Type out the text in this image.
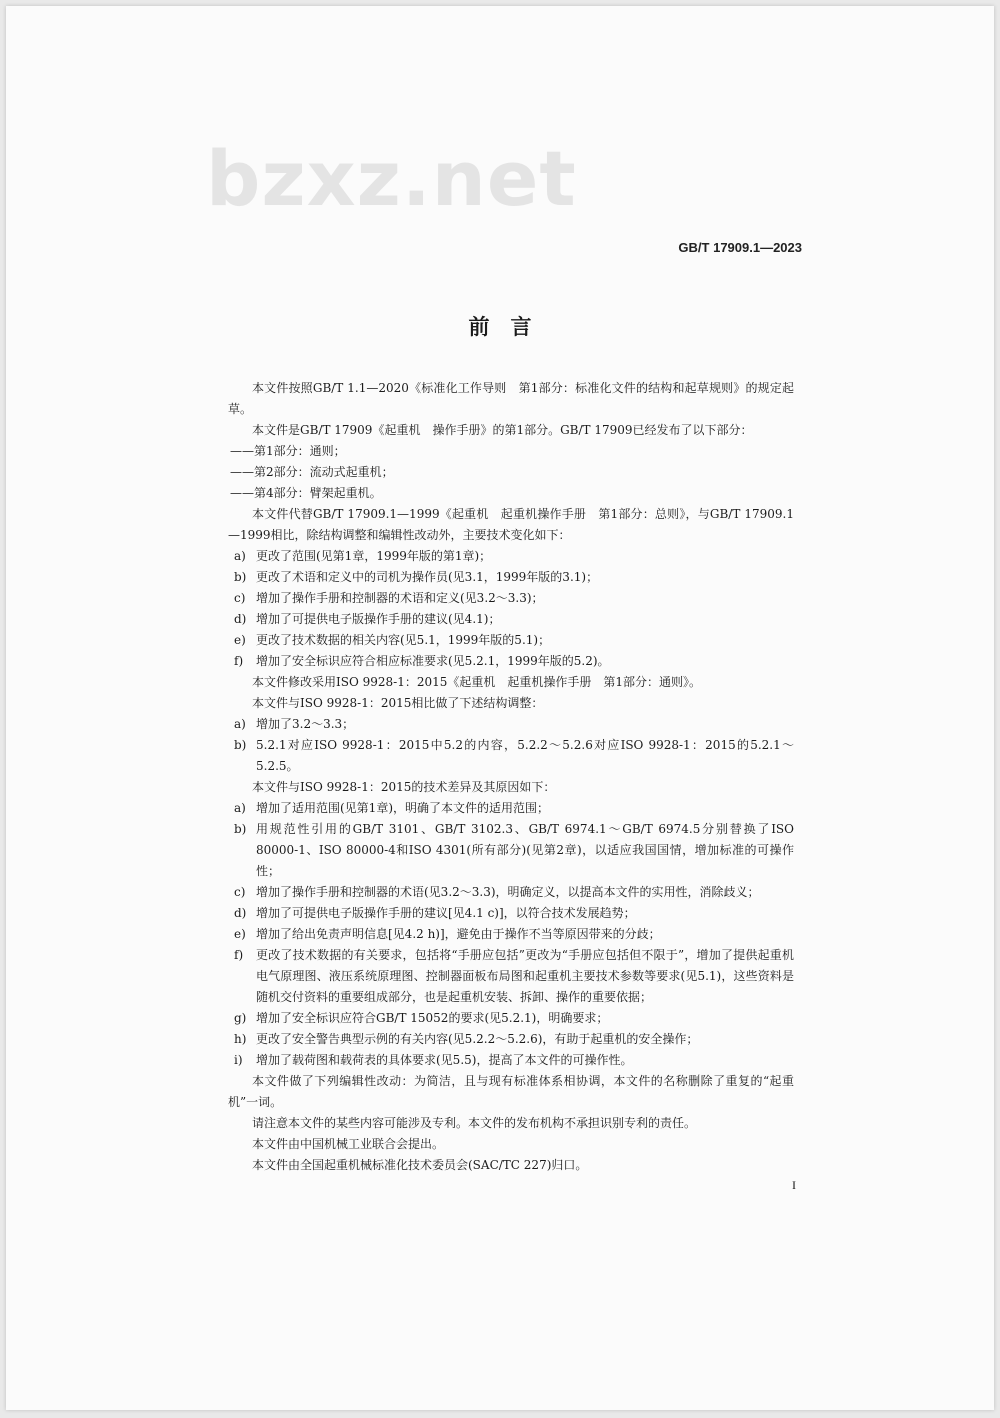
bzxz.net
GB/T 17909.1—2023
前　言

本文件按照GB/T 1.1—2020《标准化工作导则　第1部分：标准化文件的结构和起草规则》的规定起草。

本文件是GB/T 17909《起重机　操作手册》的第1部分。GB/T 17909已经发布了以下部分：

——第1部分：通则；

——第2部分：流动式起重机；

——第4部分：臂架起重机。

本文件代替GB/T 17909.1—1999《起重机　起重机操作手册　第1部分：总则》，与GB/T 17909.1—1999相比，除结构调整和编辑性改动外，主要技术变化如下：

a) 更改了范围(见第1章，1999年版的第1章)；
b) 更改了术语和定义中的司机为操作员(见3.1，1999年版的3.1)；
c) 增加了操作手册和控制器的术语和定义(见3.2～3.3)；
d) 增加了可提供电子版操作手册的建议(见4.1)；
e) 更改了技术数据的相关内容(见5.1，1999年版的5.1)；
f)	增加了安全标识应符合相应标准要求(见5.2.1，1999年版的5.2)。

本文件修改采用ISO 9928-1：2015《起重机　起重机操作手册　第1部分：通则》。

本文件与ISO 9928-1：2015相比做了下述结构调整：

a) 增加了3.2～3.3；
b) 5.2.1对应ISO 9928-1：2015中5.2的内容，5.2.2～5.2.6对应ISO 9928-1：2015的5.2.1～5.2.5。

本文件与ISO 9928-1：2015的技术差异及其原因如下：

a) 增加了适用范围(见第1章)，明确了本文件的适用范围；
b) 用规范性引用的GB/T 3101、GB/T 3102.3、GB/T 6974.1～GB/T 6974.5分别替换了ISO 80000-1、ISO 80000-4和ISO 4301(所有部分)(见第2章)，以适应我国国情，增加标准的可操作性；
c) 增加了操作手册和控制器的术语(见3.2～3.3)，明确定义，以提高本文件的实用性，消除歧义；
d) 增加了可提供电子版操作手册的建议[见4.1 c)]，以符合技术发展趋势；
e) 增加了给出免责声明信息[见4.2 h)]，避免由于操作不当等原因带来的分歧；
f)	更改了技术数据的有关要求，包括将“手册应包括”更改为“手册应包括但不限于”，增加了提供起重机电气原理图、液压系统原理图、控制器面板布局图和起重机主要技术参数等要求(见5.1)，这些资料是随机交付资料的重要组成部分，也是起重机安装、拆卸、操作的重要依据；
g) 增加了安全标识应符合GB/T 15052的要求(见5.2.1)，明确要求；
h) 更改了安全警告典型示例的有关内容(见5.2.2～5.2.6)，有助于起重机的安全操作；
i)	增加了载荷图和载荷表的具体要求(见5.5)，提高了本文件的可操作性。

本文件做了下列编辑性改动：为简洁，且与现有标准体系相协调，本文件的名称删除了重复的“起重机”一词。

请注意本文件的某些内容可能涉及专利。本文件的发布机构不承担识别专利的责任。

本文件由中国机械工业联合会提出。

本文件由全国起重机械标准化技术委员会(SAC/TC 227)归口。

I
